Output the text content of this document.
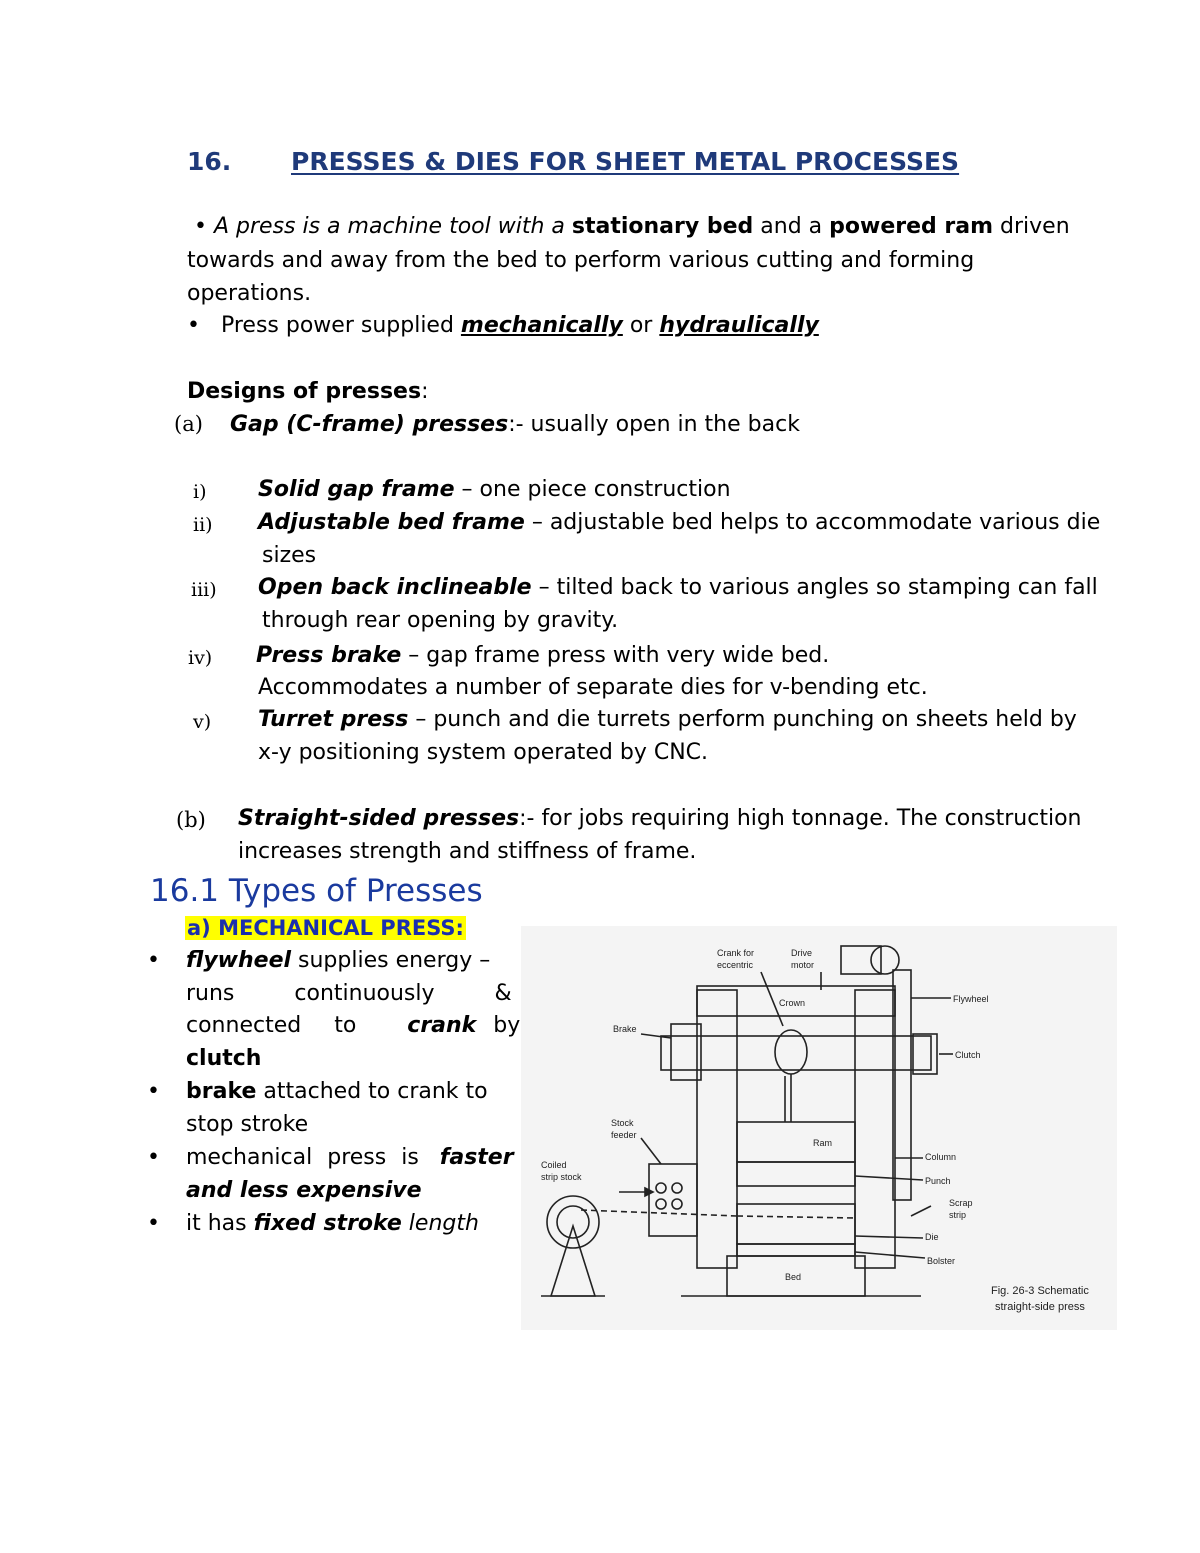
16. PRESSES & DIES FOR SHEET METAL PROCESSES
• A press is a machine tool with a stationary bed and a powered ram driven
towards and away from the bed to perform various cutting and forming
operations.
• Press power supplied mechanically or hydraulically
Designs of presses:
(a) Gap (C-frame) presses:- usually open in the back
i) Solid gap frame – one piece construction
ii) Adjustable bed frame – adjustable bed helps to accommodate various die
sizes
iii) Open back inclineable – tilted back to various angles so stamping can fall
through rear opening by gravity.
iv) Press brake – gap frame press with very wide bed.
Accommodates a number of separate dies for v-bending etc.
v) Turret press – punch and die turrets perform punching on sheets held by
x-y positioning system operated by CNC.
(b) Straight-sided presses:- for jobs requiring high tonnage. The construction
increases strength and stiffness of frame.
16.1 Types of Presses
a) MECHANICAL PRESS:
• flywheel supplies energy –
runs continuously &
connected to crank by
clutch
• brake attached to crank to
stop stroke
• mechanical press is faster
and less expensive
• it has fixed stroke length
Crank for
eccentric
Drive
motor
Crown	Flywheel
Brake
Clutch
Stock
feeder
Ram
Column
Coiled
strip stock	Punch
Scrap
strip
Die
Bolster
Bed
Fig. 26-3 Schematic
straight-side press
